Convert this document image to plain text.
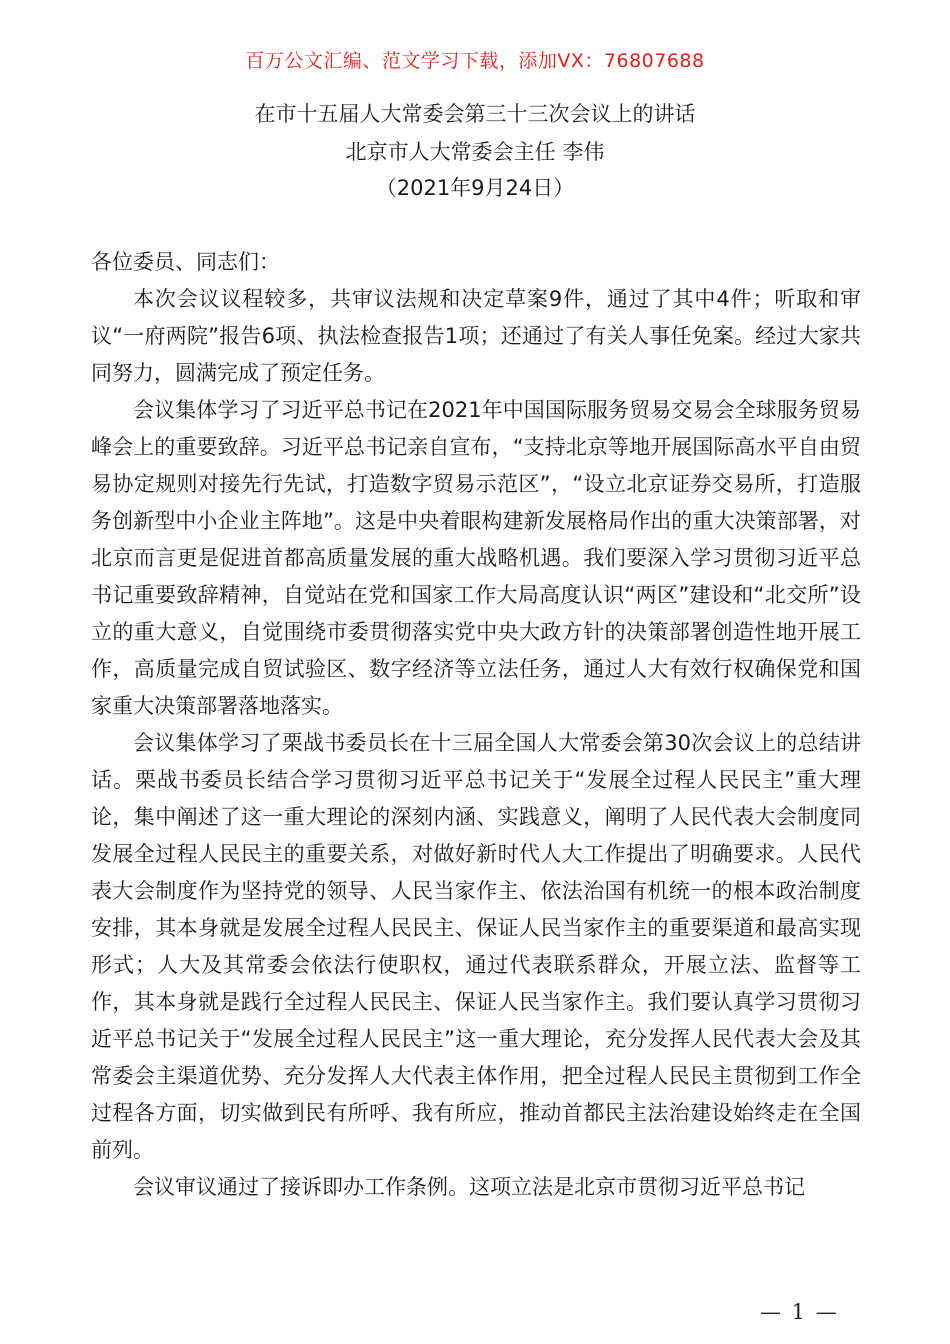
百万公文汇编、范文学习下载，添加VX：76807688
在市十五届人大常委会第三十三次会议上的讲话
北京市人大常委会主任 李伟
（2021年9月24日）

各位委员、同志们：

本次会议议程较多，共审议法规和决定草案9件，通过了其中4件；听取和审议“一府两院”报告6项、执法检查报告1项；还通过了有关人事任免案。经过大家共同努力，圆满完成了预定任务。

会议集体学习了习近平总书记在2021年中国国际服务贸易交易会全球服务贸易峰会上的重要致辞。习近平总书记亲自宣布，“支持北京等地开展国际高水平自由贸易协定规则对接先行先试，打造数字贸易示范区”，“设立北京证券交易所，打造服务创新型中小企业主阵地”。这是中央着眼构建新发展格局作出的重大决策部署，对北京而言更是促进首都高质量发展的重大战略机遇。我们要深入学习贯彻习近平总书记重要致辞精神，自觉站在党和国家工作大局高度认识“两区”建设和“北交所”设立的重大意义，自觉围绕市委贯彻落实党中央大政方针的决策部署创造性地开展工作，高质量完成自贸试验区、数字经济等立法任务，通过人大有效行权确保党和国家重大决策部署落地落实。

会议集体学习了栗战书委员长在十三届全国人大常委会第30次会议上的总结讲话。栗战书委员长结合学习贯彻习近平总书记关于“发展全过程人民民主”重大理论，集中阐述了这一重大理论的深刻内涵、实践意义，阐明了人民代表大会制度同发展全过程人民民主的重要关系，对做好新时代人大工作提出了明确要求。人民代表大会制度作为坚持党的领导、人民当家作主、依法治国有机统一的根本政治制度安排，其本身就是发展全过程人民民主、保证人民当家作主的重要渠道和最高实现形式；人大及其常委会依法行使职权，通过代表联系群众，开展立法、监督等工作，其本身就是践行全过程人民民主、保证人民当家作主。我们要认真学习贯彻习近平总书记关于“发展全过程人民民主”这一重大理论，充分发挥人民代表大会及其常委会主渠道优势、充分发挥人大代表主体作用，把全过程人民民主贯彻到工作全过程各方面，切实做到民有所呼、我有所应，推动首都民主法治建设始终走在全国前列。

会议审议通过了接诉即办工作条例。这项立法是北京市贯彻习近平总书记

— 1 —
